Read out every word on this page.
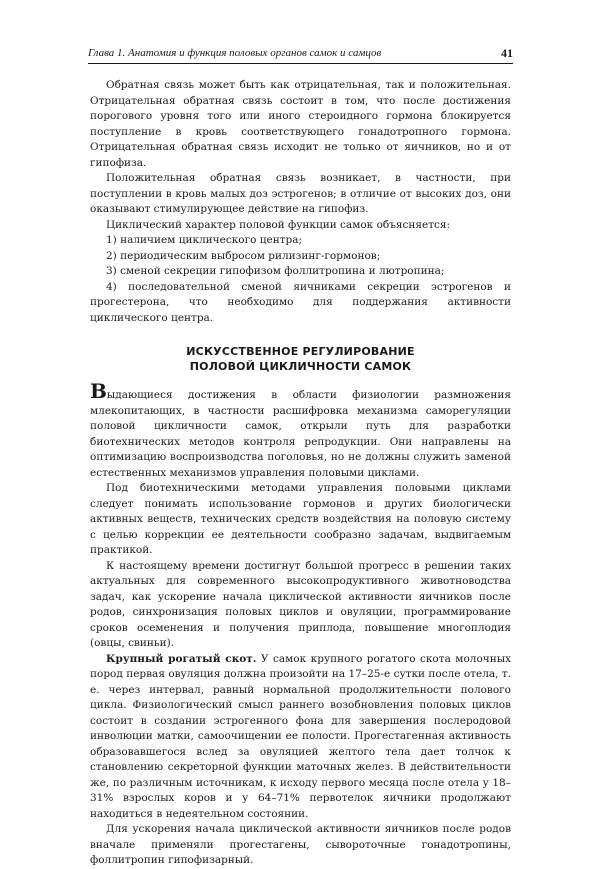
Глава 1. Анатомия и функция половых органов самок и самцов	41

Обратная связь может быть как отрицательная, так и положительная. Отрицательная обратная связь состоит в том, что после достижения порогового уровня того или иного стероидного гормона блокируется поступление в кровь соответствующего гонадотропного гормона. Отрицательная обратная связь исходит не только от яичников, но и от гипофиза.

Положительная обратная связь возникает, в частности, при поступлении в кровь малых доз эстрогенов; в отличие от высоких доз, они оказывают стимулирующее действие на гипофиз.

Циклический характер половой функции самок объясняется:

1) наличием циклического центра;

2) периодическим выбросом рилизинг-гормонов;

3) сменой секреции гипофизом фоллитропина и лютропина;

4) последовательной сменой яичниками секреции эстрогенов и прогестерона, что необходимо для поддержания активности циклического центра.

ИСКУССТВЕННОЕ РЕГУЛИРОВАНИЕ
ПОЛОВОЙ ЦИКЛИЧНОСТИ САМОК

Выдающиеся достижения в области физиологии размножения млекопитающих, в частности расшифровка механизма саморегуляции половой цикличности самок, открыли путь для разработки биотехнических методов контроля репродукции. Они направлены на оптимизацию воспроизводства поголовья, но не должны служить заменой естественных механизмов управления половыми циклами.

Под биотехническими методами управления половыми циклами следует понимать использование гормонов и других биологически активных веществ, технических средств воздействия на половую систему с целью коррекции ее деятельности сообразно задачам, выдвигаемым практикой.

К настоящему времени достигнут большой прогресс в решении таких актуальных для современного высокопродуктивного животноводства задач, как ускорение начала циклической активности яичников после родов, синхронизация половых циклов и овуляции, программирование сроков осеменения и получения приплода, повышение многоплодия (овцы, свиньи).

Крупный рогатый скот. У самок крупного рогатого скота молочных пород первая овуляция должна произойти на 17–25-е сутки после отела, т. е. через интервал, равный нормальной продолжительности полового цикла. Физиологический смысл раннего возобновления половых циклов состоит в создании эстрогенного фона для завершения послеродовой инволюции матки, самоочищении ее полости. Прогестагенная активность образовавшегося вслед за овуляцией желтого тела дает толчок к становлению секреторной функции маточных желез. В действительности же, по различным источникам, к исходу первого месяца после отела у 18–31% взрослых коров и у 64–71% первотелок яичники продолжают находиться в недеятельном состоянии.

Для ускорения начала циклической активности яичников после родов вначале применяли прогестагены, сывороточные гонадотропины, фоллитропин гипофизарный.
